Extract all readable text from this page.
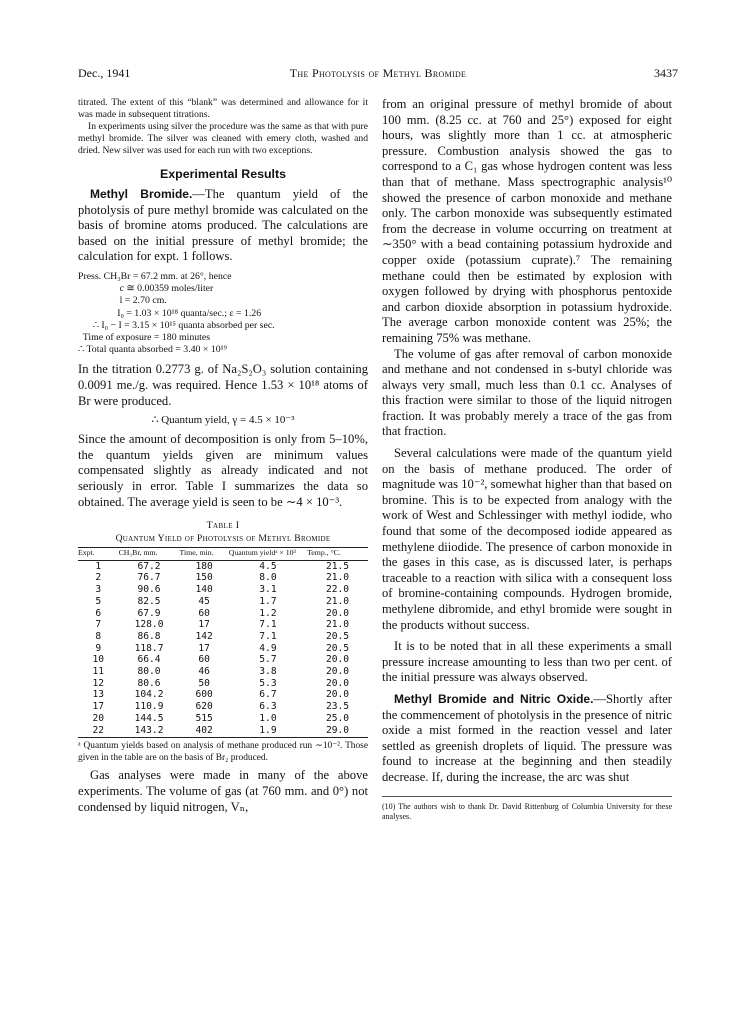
Dec., 1941	The Photolysis of Methyl Bromide	3437

titrated. The extent of this “blank” was determined and allowance for it was made in subsequent titrations.

In experiments using silver the procedure was the same as that with pure methyl bromide. The silver was cleaned with emery cloth, washed and dried. New silver was used for each run with two exceptions.

Experimental Results

Methyl Bromide.—The quantum yield of the photolysis of pure methyl bromide was calculated on the basis of bromine atoms produced. The calculations are based on the initial pressure of methyl bromide; the calculation for expt. 1 follows.

Press. CH₃Br = 67.2 mm. at 26°, hence
c ≅ 0.00359 moles/liter
l = 2.70 cm.
I₀ = 1.03 × 10¹⁸ quanta/sec.; ε = 1.26
∴ I₀ − I = 3.15 × 10¹⁵ quanta absorbed per sec.
Time of exposure = 180 minutes
∴ Total quanta absorbed = 3.40 × 10¹⁹

In the titration 0.2773 g. of Na₂S₂O₃ solution containing 0.0091 me./g. was required. Hence 1.53 × 10¹⁸ atoms of Br were produced.

∴ Quantum yield, γ = 4.5 × 10⁻³

Since the amount of decomposition is only from 5–10%, the quantum yields given are minimum values compensated slightly as already indicated and not seriously in error. Table I summarizes the data so obtained. The average yield is seen to be ∼4 × 10⁻³.

Table I
Quantum Yield of Photolysis of Methyl Bromide
Expt.	CH₃Br, mm.	Time, min.	Quantum yieldᵃ × 10³	Temp., °C.
1	67.2	180	4.5	21.5
2	76.7	150	8.0	21.0
3	90.6	140	3.1	22.0
5	82.5	45	1.7	21.0
6	67.9	60	1.2	20.0
7	128.0	17	7.1	21.0
8	86.8	142	7.1	20.5
9	118.7	17	4.9	20.5
10	66.4	60	5.7	20.0
11	80.0	46	3.8	20.0
12	80.6	50	5.3	20.0
13	104.2	600	6.7	20.0
17	110.9	620	6.3	23.5
20	144.5	515	1.0	25.0
22	143.2	402	1.9	29.0

ᵃ Quantum yields based on analysis of methane produced run ∼10⁻². Those given in the table are on the basis of Br₂ produced.

Gas analyses were made in many of the above experiments. The volume of gas (at 760 mm. and 0°) not condensed by liquid nitrogen, Vₙ,

from an original pressure of methyl bromide of about 100 mm. (8.25 cc. at 760 and 25°) exposed for eight hours, was slightly more than 1 cc. at atmospheric pressure. Combustion analysis showed the gas to correspond to a C₁ gas whose hydrogen content was less than that of methane. Mass spectrographic analysis¹⁰ showed the presence of carbon monoxide and methane only. The carbon monoxide was subsequently estimated from the decrease in volume occurring on treatment at ∼350° with a bead containing potassium hydroxide and copper oxide (potassium cuprate).⁷ The remaining methane could then be estimated by explosion with oxygen followed by drying with phosphorus pentoxide and carbon dioxide absorption in potassium hydroxide. The average carbon monoxide content was 25%; the remaining 75% was methane.

The volume of gas after removal of carbon monoxide and methane and not condensed in s-butyl chloride was always very small, much less than 0.1 cc. Analyses of this fraction were similar to those of the liquid nitrogen fraction. It was probably merely a trace of the gas from that fraction.

Several calculations were made of the quantum yield on the basis of methane produced. The order of magnitude was 10⁻², somewhat higher than that based on bromine. This is to be expected from analogy with the work of West and Schlessinger with methyl iodide, who found that some of the decomposed iodide appeared as methylene diiodide. The presence of carbon monoxide in the gases in this case, as is discussed later, is perhaps traceable to a reaction with silica with a consequent loss of bromine-containing compounds. Hydrogen bromide, methylene dibromide, and ethyl bromide were sought in the products without success.

It is to be noted that in all these experiments a small pressure increase amounting to less than two per cent. of the initial pressure was always observed.

Methyl Bromide and Nitric Oxide.—Shortly after the commencement of photolysis in the presence of nitric oxide a mist formed in the reaction vessel and later settled as greenish droplets of liquid. The pressure was found to increase at the beginning and then steadily decrease. If, during the increase, the arc was shut

(10) The authors wish to thank Dr. David Rittenburg of Columbia University for these analyses.
